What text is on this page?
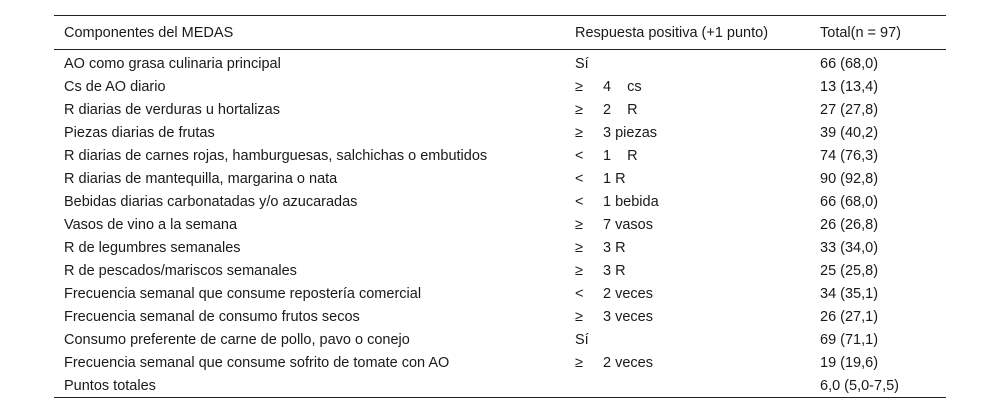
Componentes del MEDAS	Respuesta positiva (+1 punto)	Total(n = 97)
AO como grasa culinaria principal	Sí	66 (68,0)
Cs de AO diario	≥ 4    cs	13 (13,4)
R diarias de verduras u hortalizas	≥ 2    R	27 (27,8)
Piezas diarias de frutas	≥ 3 piezas	39 (40,2)
R diarias de carnes rojas, hamburguesas, salchichas o embutidos	< 1    R	74 (76,3)
R diarias de mantequilla, margarina o nata	< 1 R	90 (92,8)
Bebidas diarias carbonatadas y/o azucaradas	< 1 bebida	66 (68,0)
Vasos de vino a la semana	≥ 7 vasos	26 (26,8)
R de legumbres semanales	≥ 3 R	33 (34,0)
R de pescados/mariscos semanales	≥ 3 R	25 (25,8)
Frecuencia semanal que consume repostería comercial	< 2 veces	34 (35,1)
Frecuencia semanal de consumo frutos secos	≥ 3 veces	26 (27,1)
Consumo preferente de carne de pollo, pavo o conejo	Sí	69 (71,1)
Frecuencia semanal que consume sofrito de tomate con AO	≥ 2 veces	19 (19,6)
Puntos totales		6,0 (5,0-7,5)
